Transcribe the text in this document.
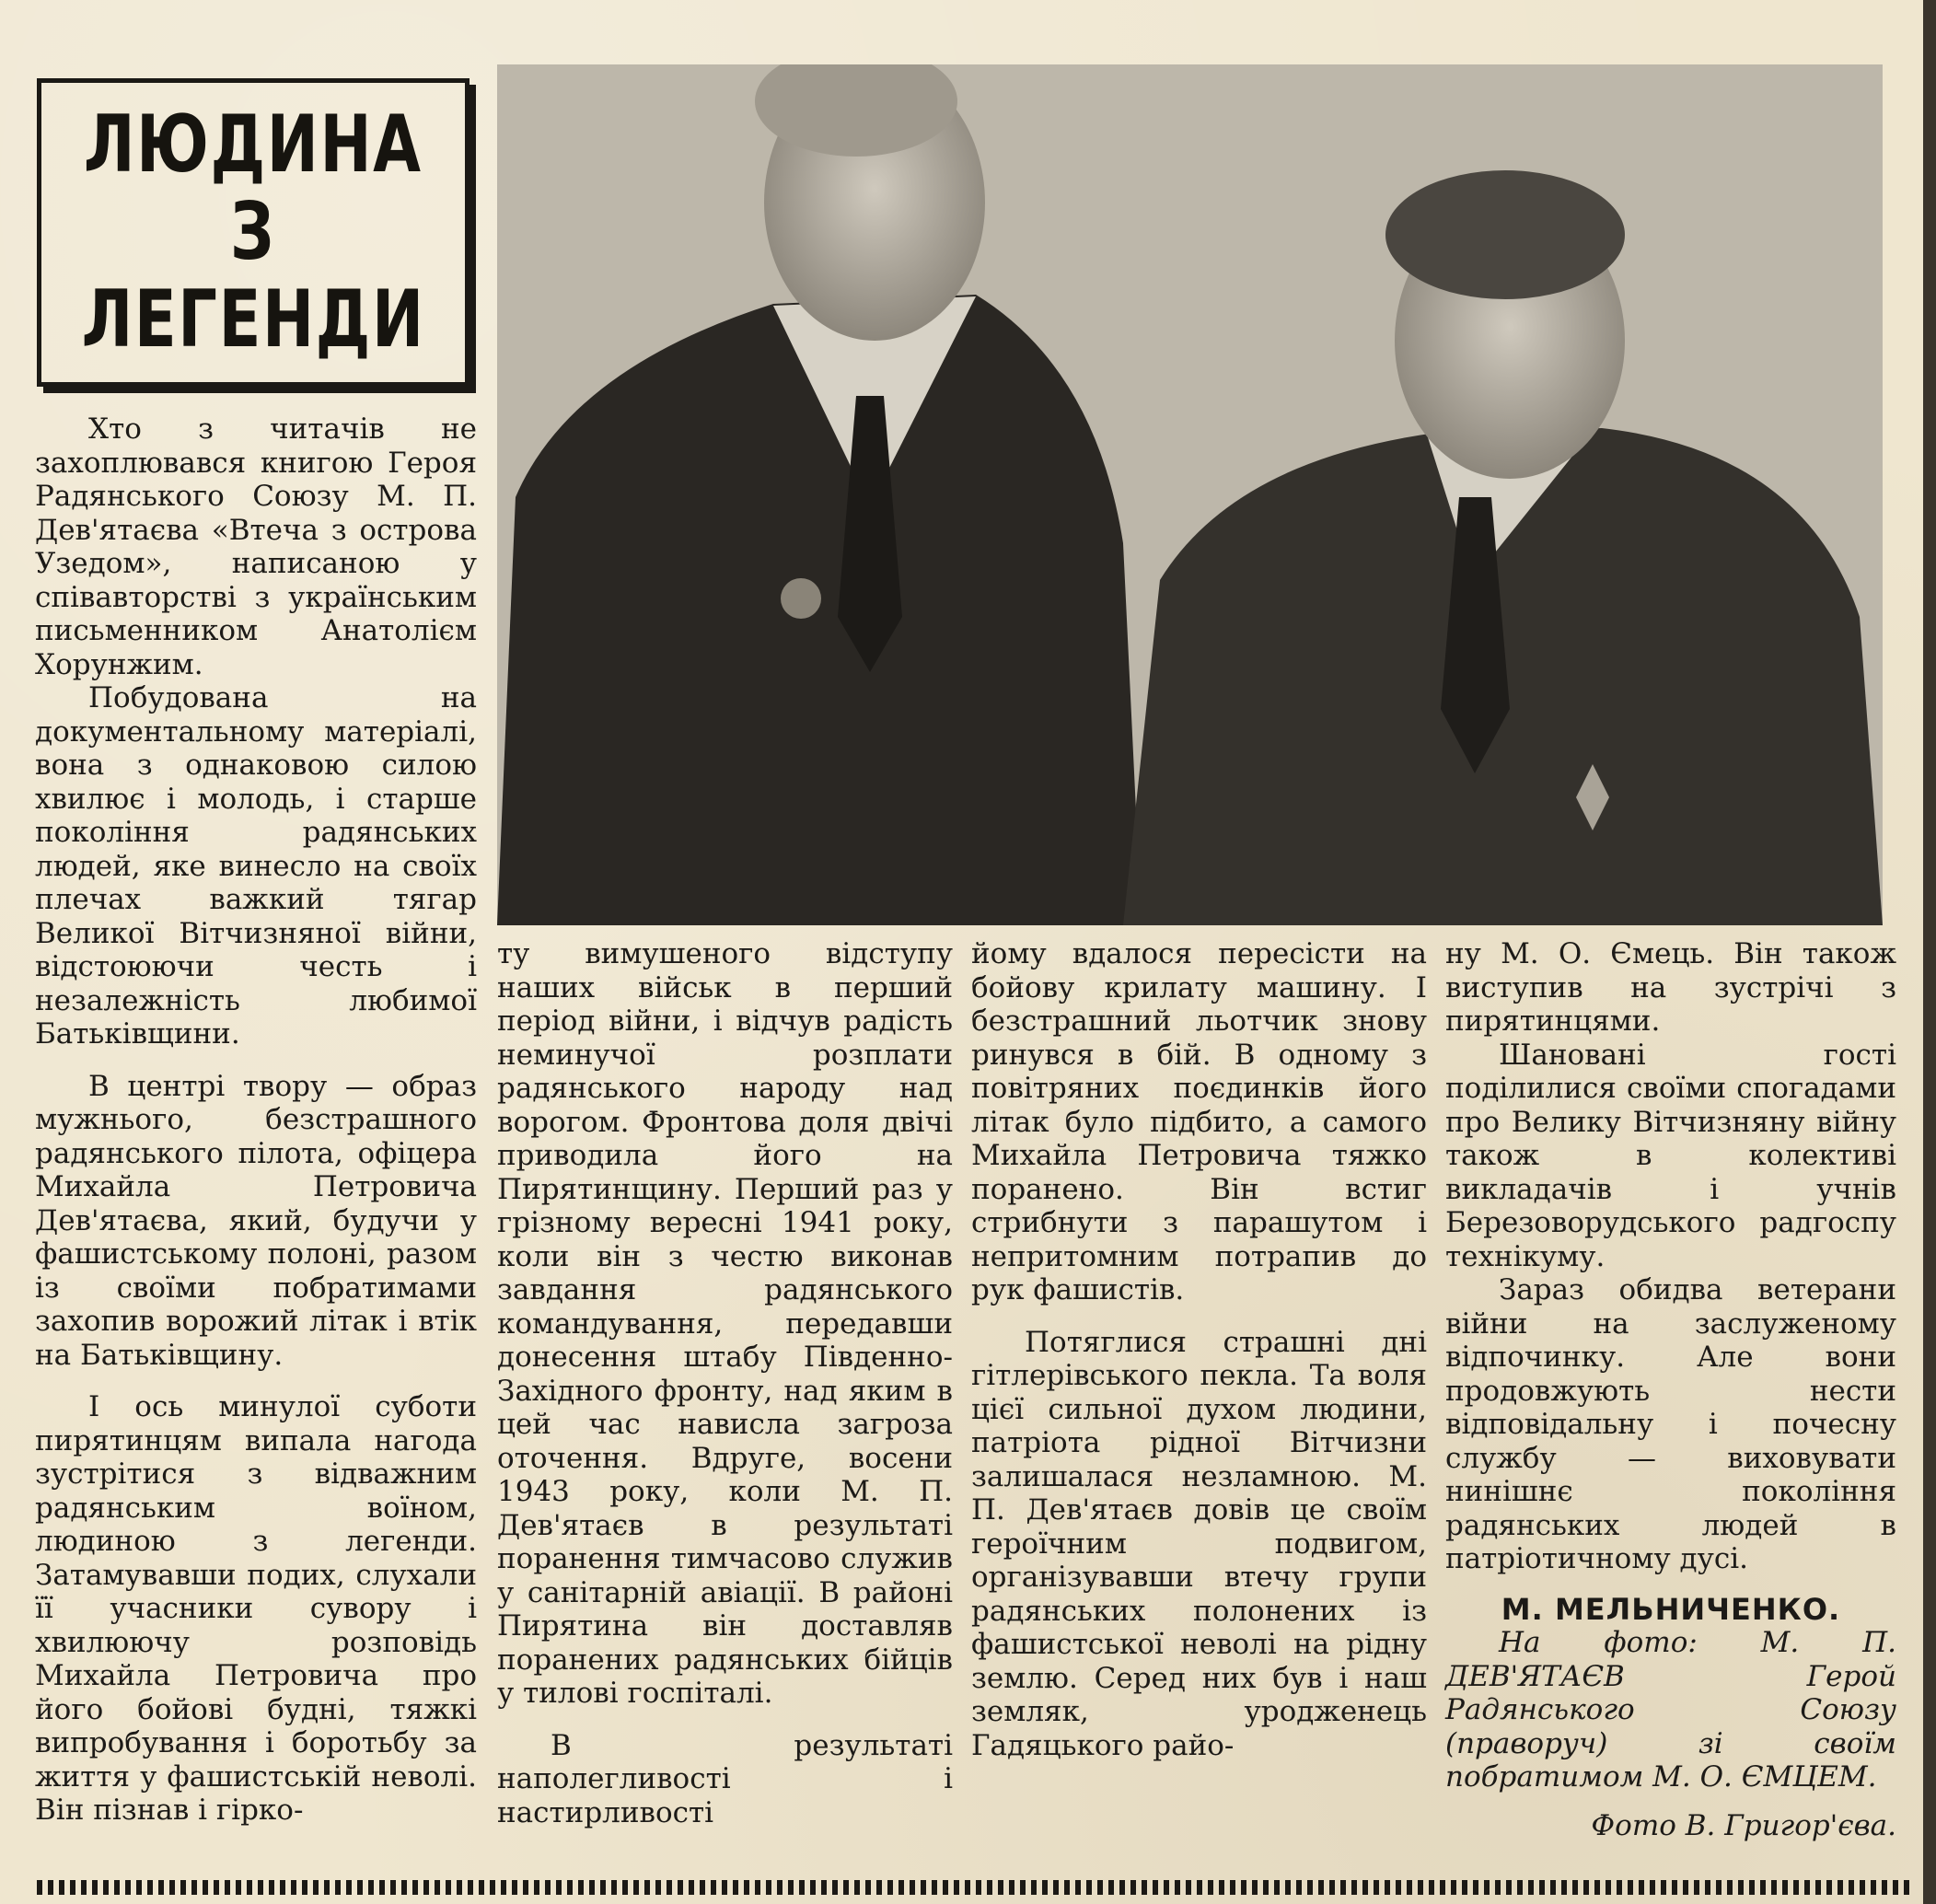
ЛЮДИНА
З
ЛЕГЕНДИ

Хто з читачів не захоплювався книгою Героя Радянського Союзу М. П. Дев'ятаєва «Втеча з острова Узедом», написаною у співавторстві з українським письменником Анатолієм Хорунжим.

Побудована на документальному матеріалі, вона з однаковою силою хвилює і молодь, і старше покоління радянських людей, яке винесло на своїх плечах важкий тягар Великої Вітчизняної війни, відстоюючи честь і незалежність любимої Батьківщини.

В центрі твору — образ мужнього, безстрашного радянського пілота, офіцера Михайла Петровича Дев'ятаєва, який, будучи у фашистському полоні, разом із своїми побратимами захопив ворожий літак і втік на Батьківщину.

І ось минулої суботи пирятинцям випала нагода зустрітися з відважним радянським воїном, людиною з легенди. Затамувавши подих, слухали її учасники сувору і хвилюючу розповідь Михайла Петровича про його бойові будні, тяжкі випробування і боротьбу за життя у фашистській неволі. Він пізнав і гірко-

ту вимушеного відступу наших військ в перший період війни, і відчув радість неминучої розплати радянського народу над ворогом. Фронтова доля двічі приводила його на Пирятинщину. Перший раз у грізному вересні 1941 року, коли він з честю виконав завдання радянського командування, передавши донесення штабу Південно-Західного фронту, над яким в цей час нависла загроза оточення. Вдруге, восени 1943 року, коли М. П. Дев'ятаєв в результаті поранення тимчасово служив у санітарній авіації. В районі Пирятина він доставляв поранених радянських бійців у тилові госпіталі.

В результаті наполегливості і настирливості

йому вдалося пересісти на бойову крилату машину. І безстрашний льотчик знову ринувся в бій. В одному з повітряних поєдинків його літак було підбито, а самого Михайла Петровича тяжко поранено. Він встиг стрибнути з парашутом і непритомним потрапив до рук фашистів.

Потяглися страшні дні гітлерівського пекла. Та воля цієї сильної духом людини, патріота рідної Вітчизни залишалася незламною. М. П. Дев'ятаєв довів це своїм героїчним подвигом, організувавши втечу групи радянських полонених із фашистської неволі на рідну землю. Серед них був і наш земляк, уродженець Гадяцького райо-

ну М. О. Ємець. Він також виступив на зустрічі з пирятинцями.

Шановані гості поділилися своїми спогадами про Велику Вітчизняну війну також в колективі викладачів і учнів Березоворудського радгоспу технікуму.

Зараз обидва ветерани війни на заслуженому відпочинку. Але вони продовжують нести відповідальну і почесну службу — виховувати нинішнє покоління радянських людей в патріотичному дусі.

М. МЕЛЬНИЧЕНКО.

На фото: М. П. ДЕВ'ЯТАЄВ Герой Радянського Союзу (праворуч) зі своїм побратимом М. О. ЄМЦЕМ.

Фото В. Григор'єва.
